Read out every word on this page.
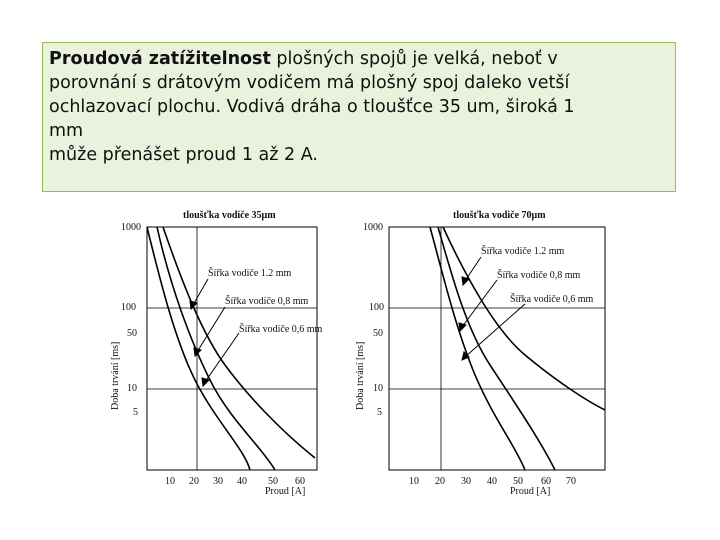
Proudová zatížitelnost plošných spojů je velká, neboť v

porovnání s drátovým vodičem má plošný spoj daleko vetší

ochlazovací plochu. Vodivá dráha o tloušťce 35 um, široká 1

mm

může přenášet proud 1 až 2 A.

tloušťka vodiče 35μm
Šířka vodiče 1.2 mm
Šířka vodiče 0,8 mm
Šířka vodiče 0,6 mm
1000
100
50
10
5
Doba trvání [ms]
10 20 30 40 50 60
Proud [A]
tloušťka vodiče 70μm
Šířka vodiče 1.2 mm
Šířka vodiče 0,8 mm
Šířka vodiče 0,6 mm
1000
100
50
10
5
Doba trvání [ms]
10 20 30 40 50 60 70
Proud [A]
